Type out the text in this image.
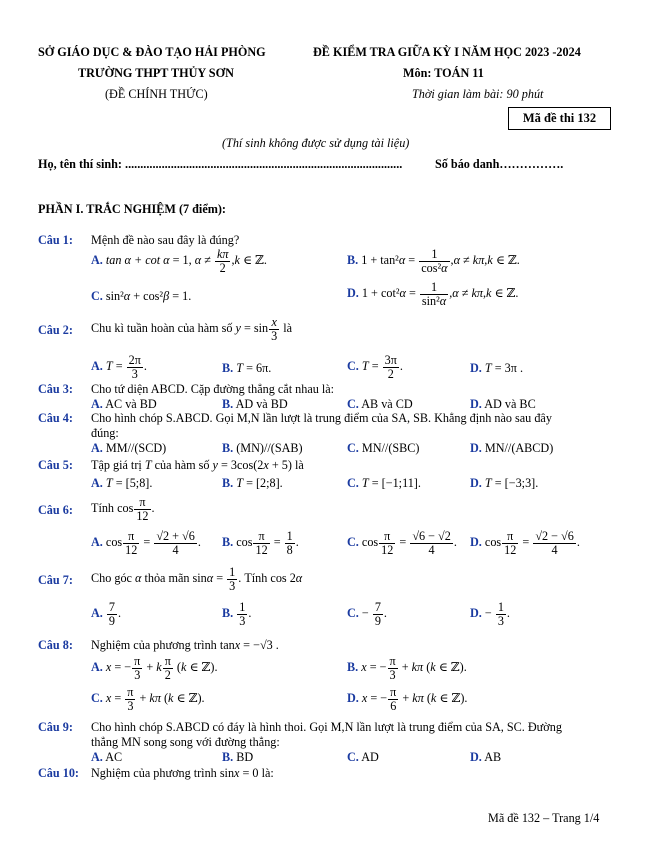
SỞ GIÁO DỤC & ĐÀO TẠO HẢI PHÒNG
TRƯỜNG THPT THỦY SƠN
(ĐỀ CHÍNH THỨC)
ĐỀ KIỂM TRA GIỮA KỲ I NĂM HỌC 2023 -2024
Môn: TOÁN 11
Thời gian làm bài: 90 phút
Mã đề thi 132
(Thí sinh không được sử dụng tài liệu)
Họ, tên thí sinh: ...........................................................................................	Số báo danh…………….
PHẦN I. TRẮC NGHIỆM (7 điểm):
Câu 1: Mệnh đề nào sau đây là đúng?
A. tan α + cot α = 1, $\alpha \ne \frac{k\pi}{2} ,k$ ∈ ℤ.	B. $1 + \tan^2\alpha = \frac{1}{\text{cos²α}} ,\alpha \ne k\pi,k$ ∈ ℤ.
C. sin²α + cos²β = 1.	D. $1 + \cot^2\alpha = \frac{1}{\text{sin²α}} ,\alpha \ne k\pi,k$ ∈ ℤ.
Câu 2: Chu kì tuần hoàn của hàm số $y = \sin \frac{x}{3}$ là
A. $T = \frac{2\pi}{3}$ .	B. T = 6π.	C. $T = \frac{3\pi}{2}$ .	D. T = 3π .
Câu 3: Cho tứ diện ABCD. Cặp đường thẳng cắt nhau là:
A. AC và BD	B. AD và BD	C. AB và CD	D. AD và BC
Câu 4: Cho hình chóp S.ABCD. Gọi M,N lần lượt là trung điểm của SA, SB. Khẳng định nào sau đây
đúng:
A. MM//(SCD)	B. (MN)//(SAB)	C. MN//(SBC)	D. MN//(ABCD)
Câu 5: Tập giá trị T của hàm số y = 3cos(2x + 5) là
A. T = [5;8].	B. T = [2;8].	C. T = [−1;11].	D. T = [−3;3].
Câu 6: Tính $\cos \frac{\pi}{12}$ .
A. $\cos \frac{\pi}{12} = \frac{√2 + √6}{4}$ . B. $\cos \frac{\pi}{12} = \frac{1}{8}$ .	C. $\cos \frac{\pi}{12} = \frac{√6 - √2}{4}$ . D. $\cos \frac{\pi}{12} = \frac{√2 - √6}{4}$ .
Câu 7: Cho góc α thỏa mãn $\sin\alpha = \frac{1}{3}$ . Tính cos 2α
A. $\frac{7}{9}$ .	B. $\frac{1}{3}$ .	C. − $\frac{7}{9}$ .	D. − $\frac{1}{3}$ .
Câu 8: Nghiệm của phương trình tanx = −√3 .
A. x = − $\frac{\pi}{3} + k \frac{\pi}{2} (k$ ∈ ℤ).	B. x = − $\frac{\pi}{3} + k\pi$ (k ∈ ℤ).
C. $x = \frac{\pi}{3} + k\pi$ (k ∈ ℤ).	D. x = − $\frac{\pi}{6} + k\pi$ (k ∈ ℤ).
Câu 9: Cho hình chóp S.ABCD có đáy là hình thoi. Gọi M,N lần lượt là trung điểm của SA, SC. Đường
thẳng MN song song với đường thẳng:
A. AC	B. BD	C. AD	D. AB
Câu 10: Nghiệm của phương trình sinx = 0 là:
Mã đề 132 – Trang 1/4
